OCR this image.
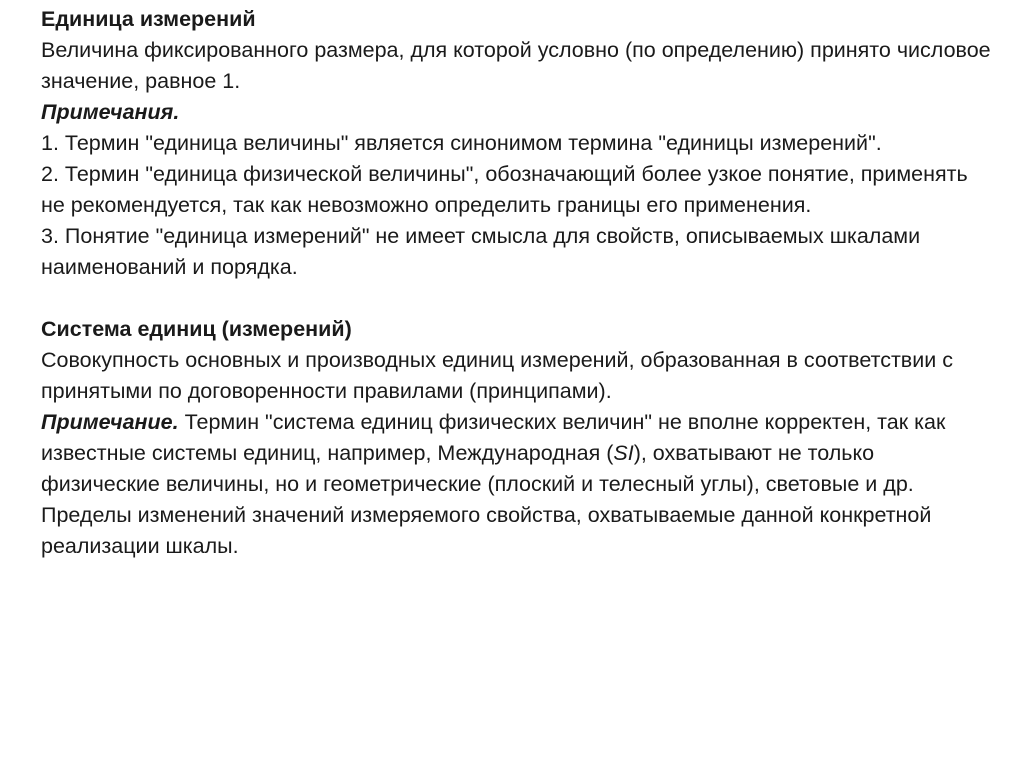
Единица измерений

Величина фиксированного размера, для которой условно (по определению) принято числовое значение, равное 1.

Примечания.

1. Термин "единица величины" является синонимом термина "единицы измерений".

2. Термин "единица физической величины", обозначающий более узкое понятие, применять не рекомендуется, так как невозможно определить границы его применения.

3. Понятие "единица измерений" не имеет смысла для свойств, описываемых шкалами наименований и порядка.

Система единиц (измерений)

Совокупность основных и производных единиц измерений, образованная в соответствии с принятыми по договоренности правилами (принципами).

Примечание. Термин "система единиц физических величин" не вполне корректен, так как известные системы единиц, например, Международная (SI), охватывают не только физические величины, но и геометрические (плоский и телесный углы), световые и др.

Пределы изменений значений измеряемого свойства, охватываемые данной конкретной реализации шкалы.
